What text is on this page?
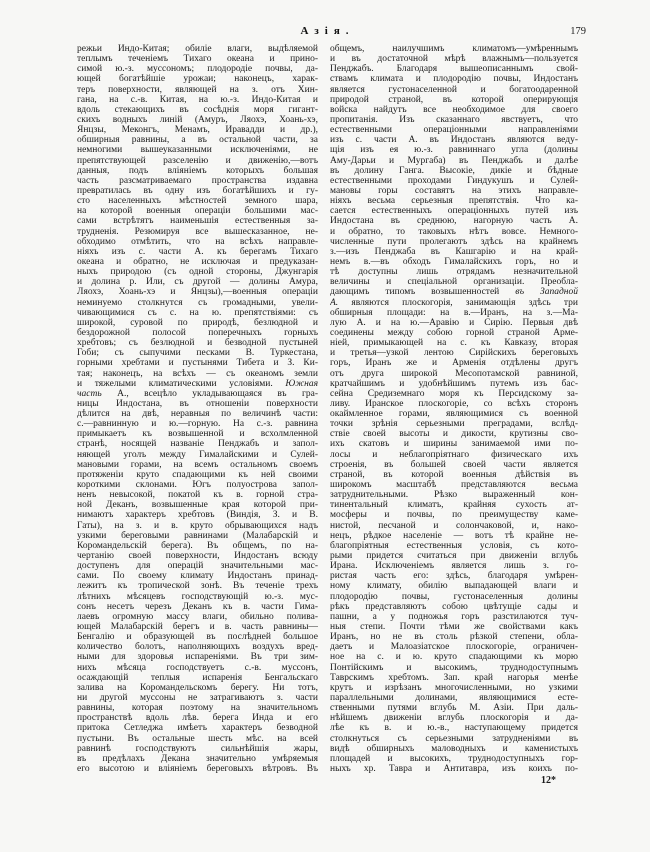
Азія.	179
режьи Индо-Китая; обиліе влаги, выдѣляемой
теплымъ теченіемъ Тихаго океана и прино-
симой ю.-з. муссономъ; плодородіе почвы, да-
ющей богатѣйшіе урожаи; наконецъ, харак-
теръ поверхности, являющей на з. отъ Хин-
гана, на с.-в. Китая, на ю.-з. Индо-Китая и
вдоль стекающихъ въ сосѣднія моря гигант-
скихъ водныхъ линій (Амуръ, Ляохэ, Хоань-хэ,
Янцзы, Меконгъ, Менамъ, Иравадди и др.),
обширныя равнины, а въ остальной части, за
немногими вышеуказанными исключеніями, не
препятствующей разселенію и движенію,—вотъ
данныя, подъ вліяніемъ которыхъ большая
часть разсматриваемаго пространства издавна
превратилась въ одну изъ богатѣйшихъ и гу-
сто населенныхъ мѣстностей земного шара,
на которой военныя операціи большими мас-
сами встрѣтятъ наименьшія естественныя за-
трудненія. Резюмируя все вышесказанное, не-
обходимо отмѣтить, что на всѣхъ направле-
ніяхъ изъ с. части А. къ берегамъ Тихаго
океана и обратно, не исключая и предуказан-
ныхъ природою (съ одной стороны, Джунгарія
и долина р. Или, съ другой — долины Амура,
Ляохэ, Хоань-хэ и Янцзы),—военныя операціи
неминуемо столкнутся съ громадными, увели-
чивающимися съ с. на ю. препятствіями: съ
широкой, суровой по природѣ, безлюдной и
бездорожной полосой поперечныхъ горныхъ
хребтовъ; съ безлюдной и безводной пустыней
Гоби; съ сыпучими песками В. Туркестана,
горными хребтами и пустынями Тибета и З. Ки-
тая; наконецъ, на всѣхъ — съ океаномъ земли
и тяжелыми климатическими условіями. Южная
часть А., всецѣло укладывающаяся въ гра-
ницы Индостана, въ отношеніи поверхности
дѣлится на двѣ, неравныя по величинѣ части:
с.—равнинную и ю.—горную. На с.-з. равнина
примыкаетъ къ возвышенной и всхолмленной
странѣ, носящей названіе Пенджабъ и запол-
няющей уголъ между Гималайскими и Сулей-
мановыми горами, на всемъ остальномъ своемъ
протяженіи круто спадающими къ ней своими
короткими склонами. Югъ полуострова запол-
ненъ невысокой, покатой къ в. горной стра-
ной Деканъ, возвышенные края которой при-
нимаютъ характеръ хребтовъ (Виндія, З. и В.
Гаты), на з. и в. круто обрывающихся надъ
узкими береговыми равнинами (Малабарскій и
Коромандельскій берега). Въ общемъ, по на-
чертанію своей поверхности, Индостанъ всюду
доступенъ для операцій значительными мас-
сами. По своему климату Индостанъ принад-
лежитъ къ тропической зонѣ. Въ теченіе трехъ
лѣтнихъ мѣсяцевъ господствующій ю.-з. мус-
сонъ несетъ черезъ Деканъ къ в. части Гима-
лаевъ огромную массу влаги, обильно полива-
ющей Малабарскій берегъ и в. часть равнины—
Бенгалію и образующей въ послѣдней большое
количество болотъ, наполняющихъ воздухъ вред-
ными для здоровья испареніями. Въ три зим-
нихъ мѣсяца господствуетъ с.-в. муссонъ,
осаждающій теплыя испаренія Бенгальскаго
залива на Коромандельскомъ берегу. Ни тотъ,
ни другой муссоны не затрагиваютъ з. части
равнины, которая поэтому на значительномъ
пространствѣ вдоль лѣв. берега Инда и его
притока Сетледжа имѣетъ характеръ безводной
пустыни. Въ остальные шесть мѣс. на всей
равнинѣ господствуютъ сильнѣйшія жары,
въ предѣлахъ Декана значительно умѣряемыя
его высотою и вліяніемъ береговыхъ вѣтровъ. Въ
общемъ, наилучшимъ климатомъ—умѣреннымъ
и въ достаточной мѣрѣ влажнымъ—пользуется
Пенджабъ. Благодаря вышеописаннымъ свой-
ствамъ климата и плодородію почвы, Индостанъ
является густонаселенной и богатоодаренной
природой страной, въ которой оперирующія
войска найдутъ все необходимое для своего
пропитанія. Изъ сказаннаго явствуетъ, что
естественными операціонными направленіями
изъ с. части А. въ Индостанъ являются веду-
щія изъ ея ю.-з. равниннаго угла (долины
Аму-Дарьи и Мургаба) въ Пенджабъ и далѣе
въ долину Ганга. Высокіе, дикіе и бѣдные
естественными проходами Гиндукушъ и Сулей-
мановы горы составятъ на этихъ направле-
ніяхъ весьма серьезныя препятствія. Что ка-
сается естественныхъ операціонныхъ путей изъ
Индостана въ среднюю, нагорную часть А.
и обратно, то таковыхъ нѣтъ вовсе. Немного-
численные пути пролегаютъ здѣсь на крайнемъ
з.—изъ Пенджаба въ Кашгарію и на край-
немъ в.—въ обходъ Гималайскихъ горъ, но и
тѣ доступны лишь отрядамъ незначительной
величины и спеціальной организаціи. Преобла-
дающимъ типомъ возвышенностей въ Западной
А. являются плоскогорія, занимающія здѣсь три
обширныя площади: на в.—Иранъ, на з.—Ма-
лую А. и на ю.—Аравію и Сирію. Первыя двѣ
соединены между собою горной страной Арме-
ніей, примыкающей на с. къ Кавказу, вторая
и третья—узкой лентою Сирійскихъ береговыхъ
горъ, Иранъ же и Арменія отдѣлены другъ
отъ друга широкой Месопотамской равниной,
кратчайшимъ и удобнѣйшимъ путемъ изъ бас-
сейна Средиземнаго моря къ Персидскому за-
ливу. Иранское плоскогоріе, со всѣхъ сторонъ
окаймленное горами, являющимися съ военной
точки зрѣнія серьезными преградами, вслѣд-
ствіе своей высоты и дикости, крутизны сво-
ихъ скатовъ и ширины занимаемой ими по-
лосы и неблагопріятнаго физическаго ихъ
строенія, въ большей своей части является
страной, въ которой военныя дѣйствія въ
широкомъ масштабѣ представляются весьма
затруднительными. Рѣзко выраженный кон-
тинентальный климатъ, крайняя сухость ат-
мосферы и почвы, по преимуществу каме-
нистой, песчаной и солончаковой, и, нако-
нецъ, рѣдкое населеніе — вотъ тѣ крайне не-
благопріятныя естественныя условія, съ кото-
рыми придется считаться при движеніи вглубь
Ирана. Исключеніемъ является лишь з. го-
ристая часть его: здѣсь, благодаря умѣрен-
ному климату, обилію выпадающей влаги и
плодородію почвы, густонаселенныя долины
рѣкъ представляютъ собою цвѣтущіе сады и
пашни, а у подножья горъ разстилаются туч-
ныя степи. Почти тѣми же свойствами какъ
Иранъ, но не въ столь рѣзкой степени, обла-
даетъ и Малоазіатское плоскогоріе, ограничен-
ное на с. и ю. круто спадающими къ морю
Понтійскимъ и высокимъ, труднодоступнымъ
Таврскимъ хребтомъ. Зап. край нагорья менѣе
крутъ и изрѣзанъ многочисленными, но узкими
параллельными долинами, являющимися есте-
ственными путями вглубь М. Азіи. При даль-
нѣйшемъ движеніи вглубь плоскогорія и да-
лѣе къ в. и ю.-в., наступающему придется
столкнуться съ серьезными затрудненіями въ
видѣ обширныхъ маловодныхъ и каменистыхъ
площадей и высокихъ, труднодоступныхъ гор-
ныхъ хр. Тавра и Антитавра, изъ коихъ по-
12*
